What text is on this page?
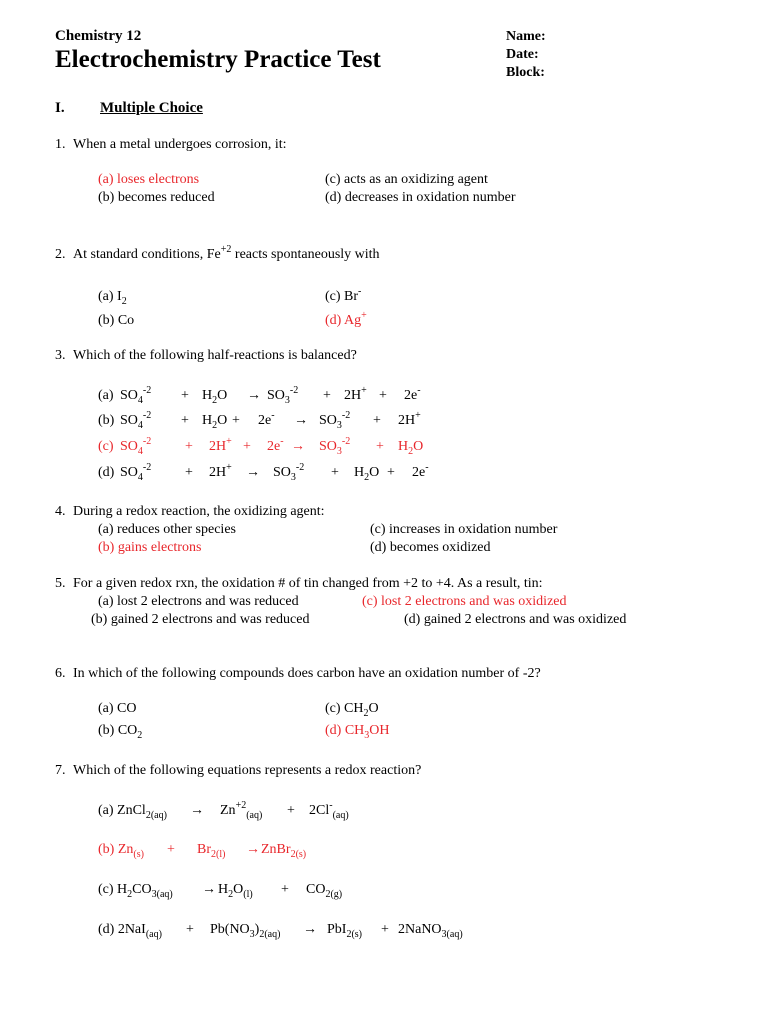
Chemistry 12
Electrochemistry Practice Test
Name:
Date:
Block:
I. Multiple Choice
1. When a metal undergoes corrosion, it:
(a) loses electrons
(b) becomes reduced
(c) acts as an oxidizing agent
(d) decreases in oxidation number
2. At standard conditions, $Fe^{+2}$ reacts spontaneously with
(a) $I_2$
(b) Co
(c) Br-
(d) Ag+
3. Which of the following half-reactions is balanced?
(a) $SO_4^{-2} + H_2O \to SO_3^{-2} + 2H^+ + 2e^-$
(b) $SO_4^{-2} + H_2O + 2e^- \to SO_3^{-2} + 2H^+$
(c) $SO_4^{-2} + 2H^+ + 2e^- \to SO_3^{-2} + H_2O$
(d) $SO_4^{-2} + 2H^+ \to SO_3^{-2} + H_2O + 2e^-$
4. During a redox reaction, the oxidizing agent:
(a) reduces other species
(b) gains electrons
(c) increases in oxidation number
(d) becomes oxidized
5. For a given redox rxn, the oxidation # of tin changed from +2 to +4. As a result, tin:
(a) lost 2 electrons and was reduced
(b) gained 2 electrons and was reduced
(c) lost 2 electrons and was oxidized
(d) gained 2 electrons and was oxidized
6. In which of the following compounds does carbon have an oxidation number of -2?
(a) CO
(b) $CO_2$
(c) $CH_2O$
(d) $CH_3OH$
7. Which of the following equations represents a redox reaction?
(a) ZnCl$_{2(aq)}$ → $Zn^{+2}_{(aq)} + 2Cl^-_{(aq)}$
(b) $Zn_{(s)} + Br_{2(l)}$ → ZnBr$_{2(s)}$
(c) $H_2CO_{3(aq)} \to H_2O_{(l)} + CO_{2(g)}$
(d) $2NaI_{(aq)} + Pb(NO_3)_{2(aq)} \to PbI_{2(s)}$ + 2NaNO$_{3(aq)}$
